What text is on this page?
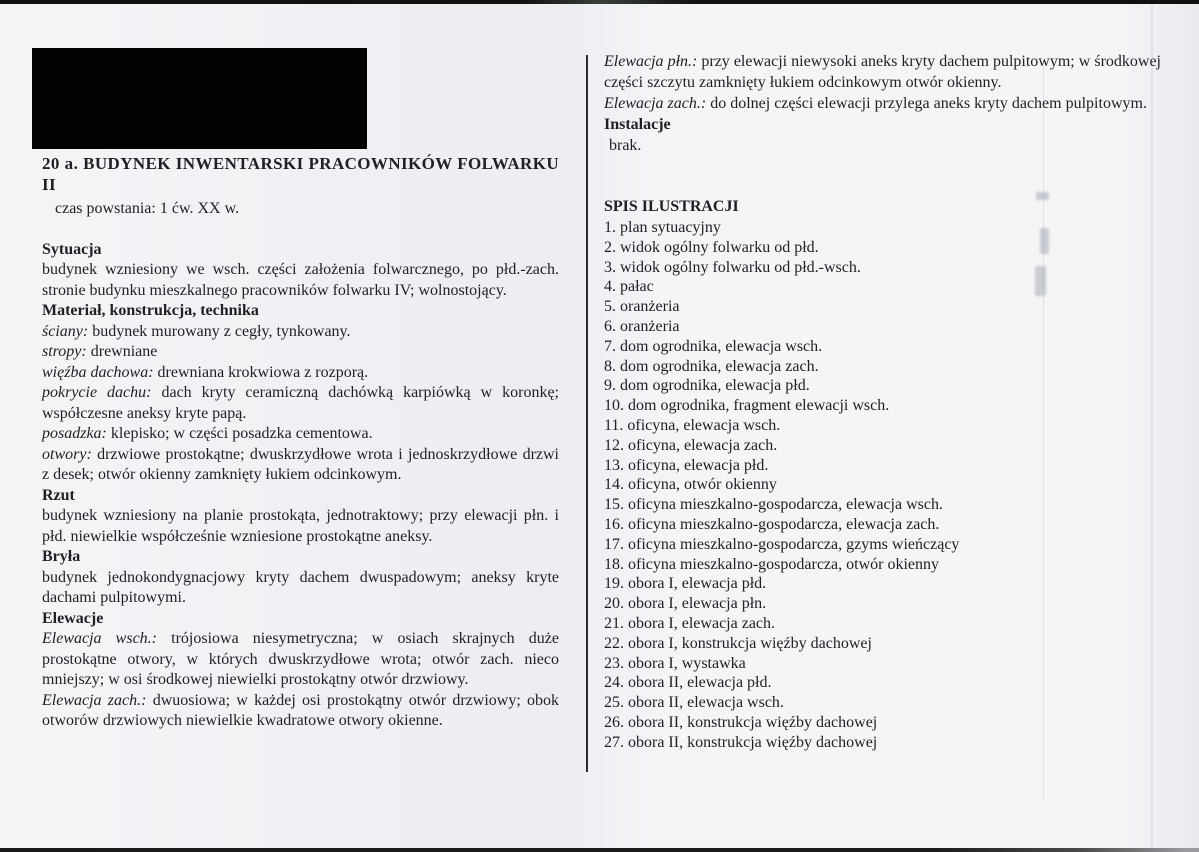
20 a. BUDYNEK INWENTARSKI PRACOWNIKÓW FOLWARKU
II

czas powstania: 1 ćw. XX w.

Sytuacja

budynek wzniesiony we wsch. części założenia folwarcznego, po płd.-zach. stronie budynku mieszkalnego pracowników folwarku IV; wolnostojący.

Materiał, konstrukcja, technika

ściany: budynek murowany z cegły, tynkowany.

stropy: drewniane

więźba dachowa: drewniana krokwiowa z rozporą.

pokrycie dachu: dach kryty ceramiczną dachówką karpiówką w koronkę; współczesne aneksy kryte papą.

posadzka: klepisko; w części posadzka cementowa.

otwory: drzwiowe prostokątne; dwuskrzydłowe wrota i jednoskrzydłowe drzwi z desek; otwór okienny zamknięty łukiem odcinkowym.

Rzut

budynek wzniesiony na planie prostokąta, jednotraktowy; przy elewacji płn. i płd. niewielkie współcześnie wzniesione prostokątne aneksy.

Bryła

budynek jednokondygnacjowy kryty dachem dwuspadowym; aneksy kryte dachami pulpitowymi.

Elewacje

Elewacja wsch.: trójosiowa niesymetryczna; w osiach skrajnych duże prostokątne otwory, w których dwuskrzydłowe wrota; otwór zach. nieco mniejszy; w osi środkowej niewielki prostokątny otwór drzwiowy.

Elewacja zach.: dwuosiowa; w każdej osi prostokątny otwór drzwiowy; obok otworów drzwiowych niewielkie kwadratowe otwory okienne.

Elewacja płn.: przy elewacji niewysoki aneks kryty dachem pulpitowym; w środkowej części szczytu zamknięty łukiem odcinkowym otwór okienny.

Elewacja zach.: do dolnej części elewacji przylega aneks kryty dachem pulpitowym.

Instalacje

brak.

SPIS ILUSTRACJI

1. plan sytuacyjny

2. widok ogólny folwarku od płd.

3. widok ogólny folwarku od płd.-wsch.

4. pałac

5. oranżeria

6. oranżeria

7. dom ogrodnika, elewacja wsch.

8. dom ogrodnika, elewacja zach.

9. dom ogrodnika, elewacja płd.

10. dom ogrodnika, fragment elewacji wsch.

11. oficyna, elewacja wsch.

12. oficyna, elewacja zach.

13. oficyna, elewacja płd.

14. oficyna, otwór okienny

15. oficyna mieszkalno-gospodarcza, elewacja wsch.

16. oficyna mieszkalno-gospodarcza, elewacja zach.

17. oficyna mieszkalno-gospodarcza, gzyms wieńczący

18. oficyna mieszkalno-gospodarcza, otwór okienny

19. obora I, elewacja płd.

20. obora I, elewacja płn.

21. obora I, elewacja zach.

22. obora I, konstrukcja więźby dachowej

23. obora I, wystawka

24. obora II, elewacja płd.

25. obora II, elewacja wsch.

26. obora II, konstrukcja więźby dachowej

27. obora II, konstrukcja więźby dachowej
